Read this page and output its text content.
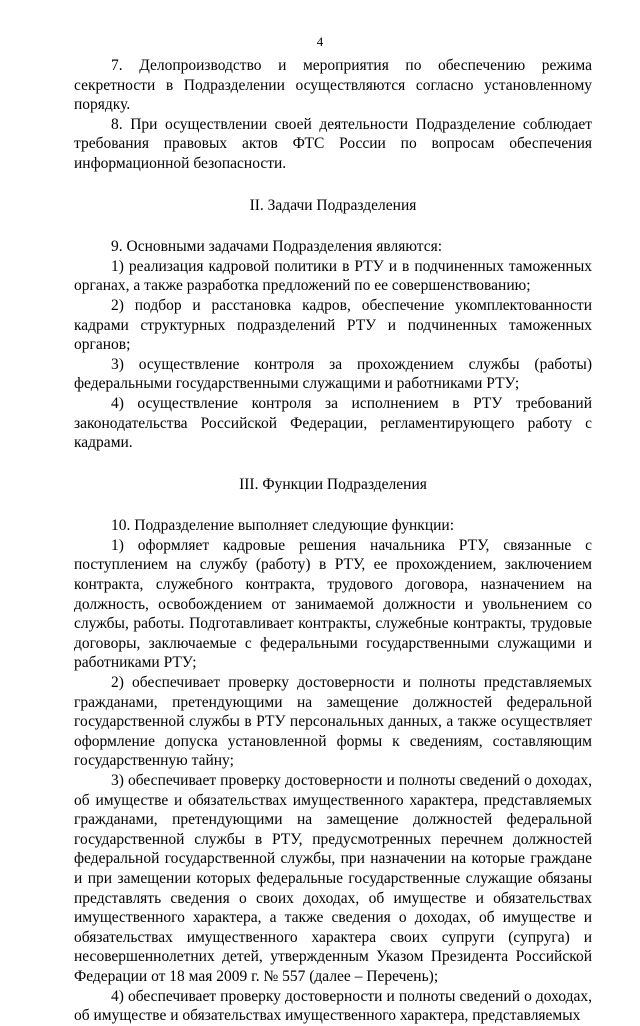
4

7. Делопроизводство и мероприятия по обеспечению режима секретности в Подразделении осуществляются согласно установленному порядку.

8. При осуществлении своей деятельности Подразделение соблюдает требования правовых актов ФТС России по вопросам обеспечения информационной безопасности.

II. Задачи Подразделения

9. Основными задачами Подразделения являются:

1) реализация кадровой политики в РТУ и в подчиненных таможенных органах, а также разработка предложений по ее совершенствованию;

2) подбор и расстановка кадров, обеспечение укомплектованности кадрами структурных подразделений РТУ и подчиненных таможенных органов;

3) осуществление контроля за прохождением службы (работы) федеральными государственными служащими и работниками РТУ;

4) осуществление контроля за исполнением в РТУ требований законодательства Российской Федерации, регламентирующего работу с кадрами.

III. Функции Подразделения

10. Подразделение выполняет следующие функции:

1) оформляет кадровые решения начальника РТУ, связанные с поступлением на службу (работу) в РТУ, ее прохождением, заключением контракта, служебного контракта, трудового договора, назначением на должность, освобождением от занимаемой должности и увольнением со службы, работы. Подготавливает контракты, служебные контракты, трудовые договоры, заключаемые с федеральными государственными служащими и работниками РТУ;

2) обеспечивает проверку достоверности и полноты представляемых гражданами, претендующими на замещение должностей федеральной государственной службы в РТУ персональных данных, а также осуществляет оформление допуска установленной формы к сведениям, составляющим государственную тайну;

3) обеспечивает проверку достоверности и полноты сведений о доходах, об имуществе и обязательствах имущественного характера, представляемых гражданами, претендующими на замещение должностей федеральной государственной службы в РТУ, предусмотренных перечнем должностей федеральной государственной службы, при назначении на которые граждане и при замещении которых федеральные государственные служащие обязаны представлять сведения о своих доходах, об имуществе и обязательствах имущественного характера, а также сведения о доходах, об имуществе и обязательствах имущественного характера своих супруги (супруга) и несовершеннолетних детей, утвержденным Указом Президента Российской Федерации от 18 мая 2009 г. № 557 (далее – Перечень);

4) обеспечивает проверку достоверности и полноты сведений о доходах, об имуществе и обязательствах имущественного характера, представляемых
